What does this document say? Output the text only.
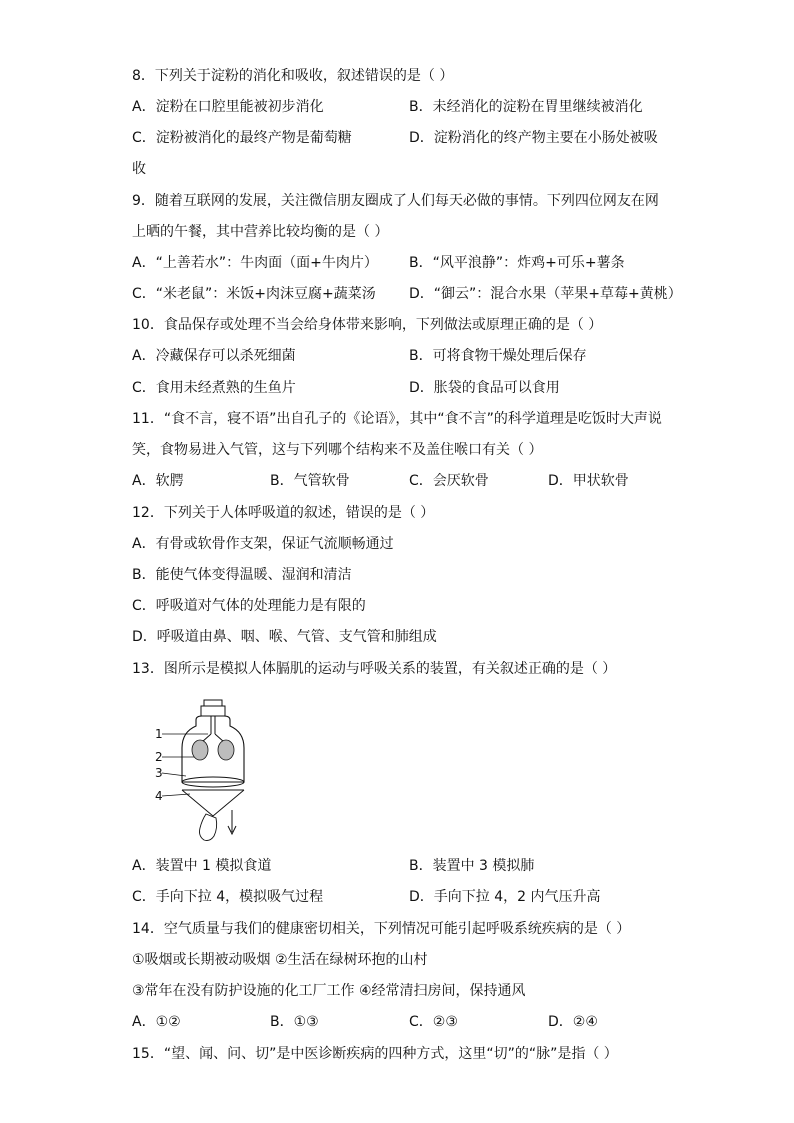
8．下列关于淀粉的消化和吸收，叙述错误的是（ ）
A．淀粉在口腔里能被初步消化	B．未经消化的淀粉在胃里继续被消化
C．淀粉被消化的最终产物是葡萄糖	D．淀粉消化的终产物主要在小肠处被吸
收
9．随着互联网的发展，关注微信朋友圈成了人们每天必做的事情。下列四位网友在网
上晒的午餐，其中营养比较均衡的是（ ）
A．“上善若水”：牛肉面（面+牛肉片） B．“风平浪静”：炸鸡+可乐+薯条
C．“米老鼠”：米饭+肉沫豆腐+蔬菜汤 D．“御云”：混合水果（苹果+草莓+黄桃）
10．食品保存或处理不当会给身体带来影响，下列做法或原理正确的是（ ）
A．冷藏保存可以杀死细菌	B．可将食物干燥处理后保存
C．食用未经煮熟的生鱼片	D．胀袋的食品可以食用
11．“食不言，寝不语”出自孔子的《论语》，其中“食不言”的科学道理是吃饭时大声说
笑，食物易进入气管，这与下列哪个结构来不及盖住喉口有关（ ）
A．软腭	B．气管软骨	C．会厌软骨	D．甲状软骨
12．下列关于人体呼吸道的叙述，错误的是（ ）
A．有骨或软骨作支架，保证气流顺畅通过
B．能使气体变得温暖、湿润和清洁
C．呼吸道对气体的处理能力是有限的
D．呼吸道由鼻、咽、喉、气管、支气管和肺组成
13．图所示是模拟人体膈肌的运动与呼吸关系的装置，有关叙述正确的是（ ）
1
2
3
4
A．装置中 1 模拟食道	B．装置中 3 模拟肺
C．手向下拉 4，模拟吸气过程	D．手向下拉 4，2 内气压升高
14．空气质量与我们的健康密切相关，下列情况可能引起呼吸系统疾病的是（ ）
①吸烟或长期被动吸烟 ②生活在绿树环抱的山村
③常年在没有防护设施的化工厂工作 ④经常清扫房间，保持通风
A．①②	B．①③	C．②③	D．②④
15．“望、闻、问、切”是中医诊断疾病的四种方式，这里“切”的“脉”是指（ ）
